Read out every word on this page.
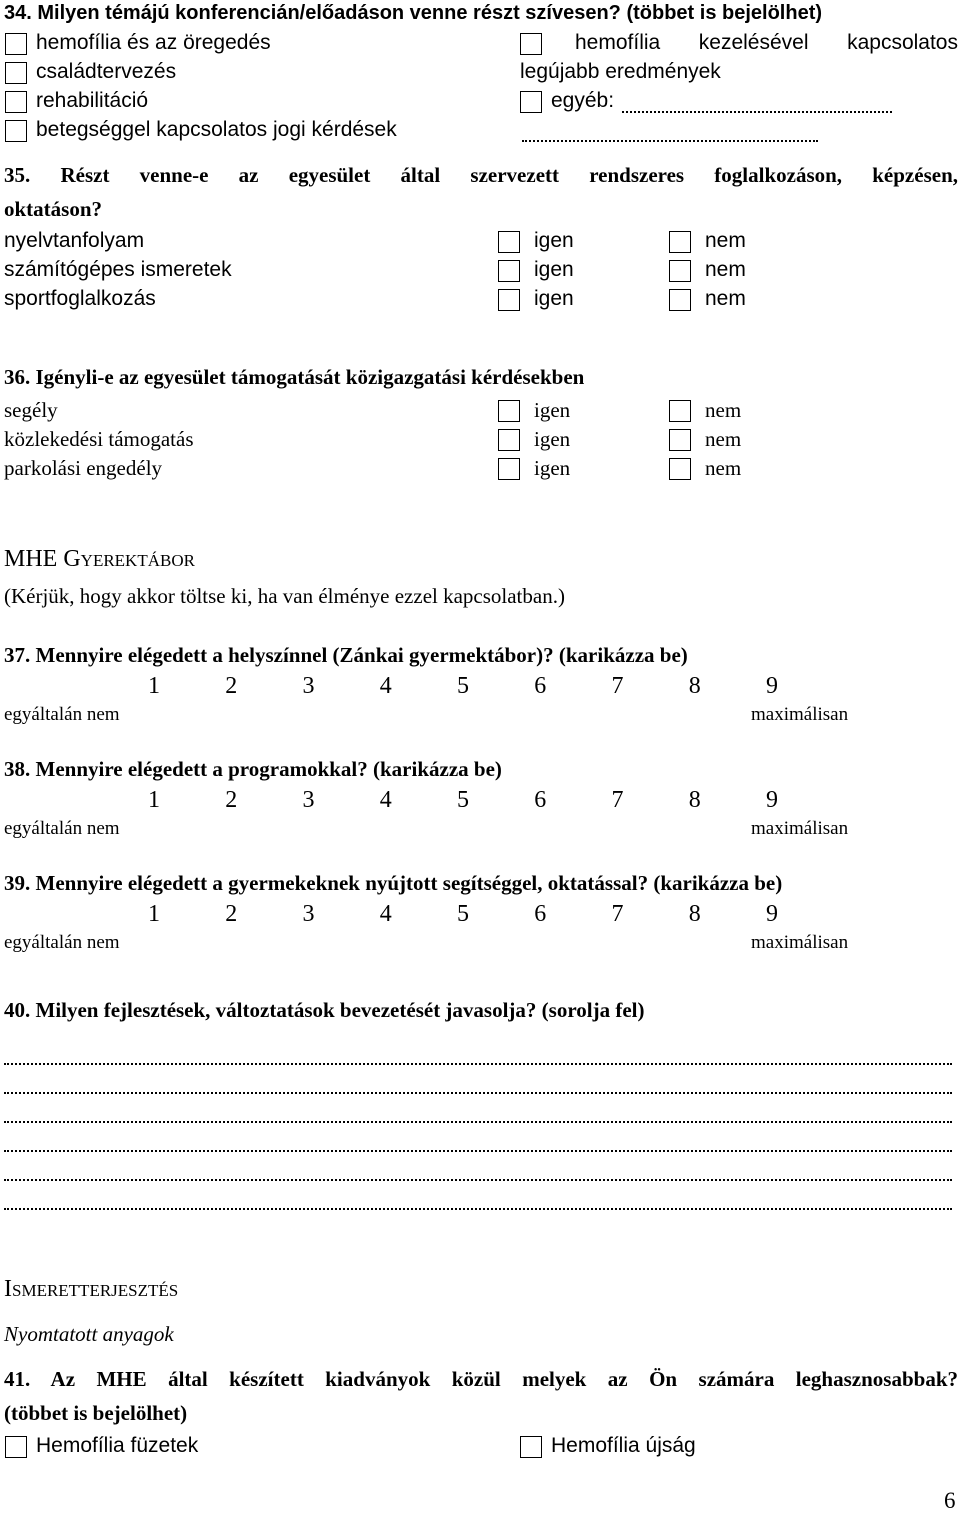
34. Milyen témájú konferencián/előadáson venne részt szívesen? (többet is bejelölhet)
hemofília és az öregedés
családtervezés
rehabilitáció
betegséggel kapcsolatos jogi kérdések
hemofília kezelésével kapcsolatos
legújabb eredmények
egyéb:
35. Részt venne-e az egyesület által szervezett rendszeres foglalkozáson, képzésen,
oktatáson?
nyelvtanfolyam	igen	nem
számítógépes ismeretek	igen	nem
sportfoglalkozás	igen	nem
36. Igényli-e az egyesület támogatását közigazgatási kérdésekben
segély	igen	nem
közlekedési támogatás	igen	nem
parkolási engedély	igen	nem
MHE Gyerektábor
(Kérjük, hogy akkor töltse ki, ha van élménye ezzel kapcsolatban.)
37. Mennyire elégedett a helyszínnel (Zánkai gyermektábor)? (karikázza be)
1	2	3	4	5	6	7	8	9
egyáltalán nem	maximálisan
38. Mennyire elégedett a programokkal? (karikázza be)
1	2	3	4	5	6	7	8	9
egyáltalán nem	maximálisan
39. Mennyire elégedett a gyermekeknek nyújtott segítséggel, oktatással? (karikázza be)
1	2	3	4	5	6	7	8	9
egyáltalán nem	maximálisan
40. Milyen fejlesztések, változtatások bevezetését javasolja? (sorolja fel)
Ismeretterjesztés
Nyomtatott anyagok
41. Az MHE által készített kiadványok közül melyek az Ön számára leghasznosabbak?
(többet is bejelölhet)
Hemofília füzetek	Hemofília újság
6
